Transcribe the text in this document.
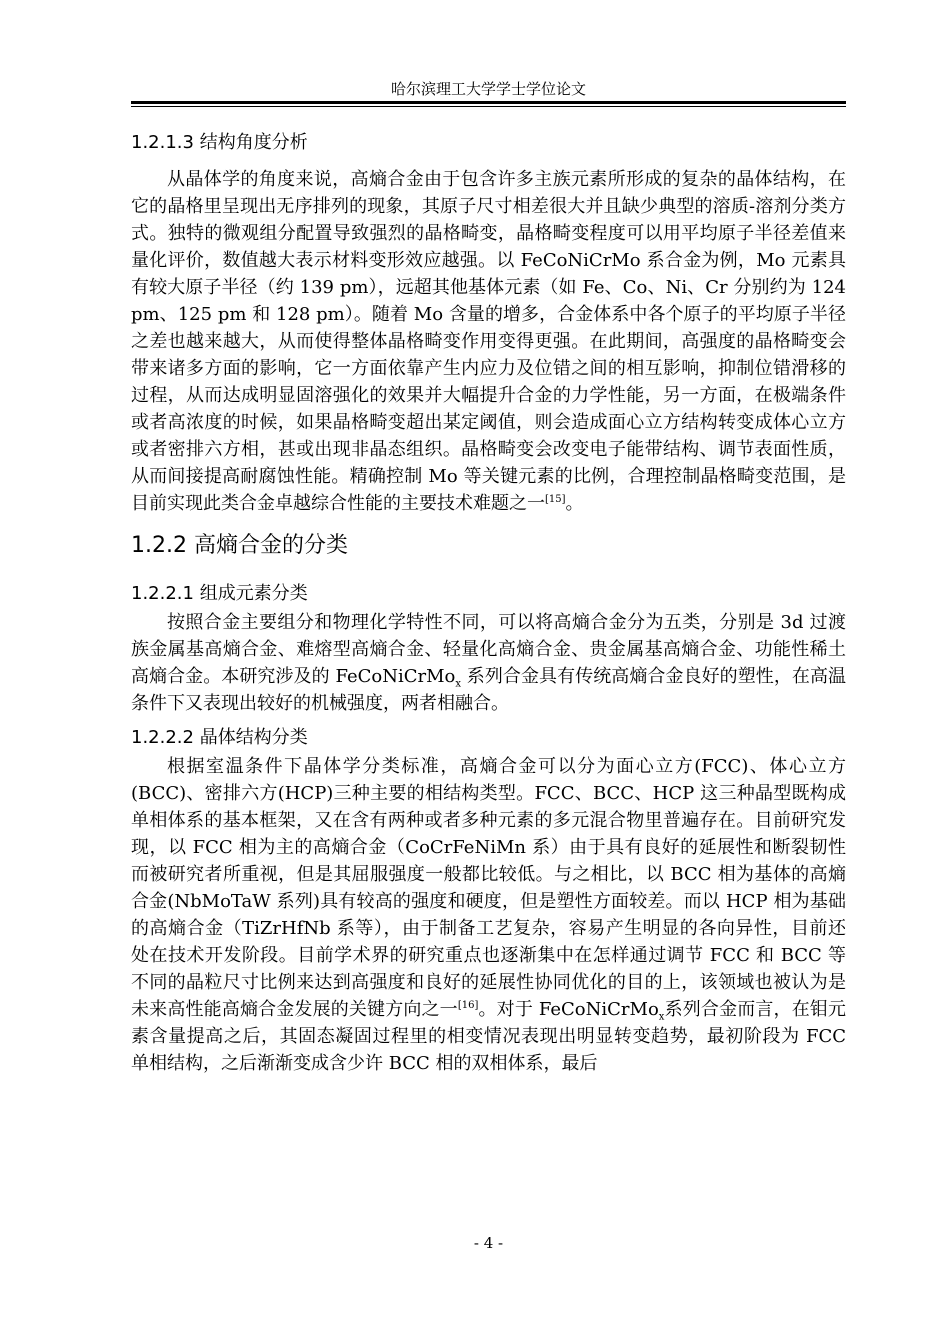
哈尔滨理工大学学士学位论文
1.2.1.3 结构角度分析

从晶体学的角度来说，高熵合金由于包含许多主族元素所形成的复杂的晶体结构，在它的晶格里呈现出无序排列的现象，其原子尺寸相差很大并且缺少典型的溶质-溶剂分类方式。独特的微观组分配置导致强烈的晶格畸变，晶格畸变程度可以用平均原子半径差值来量化评价，数值越大表示材料变形效应越强。以 FeCoNiCrMo 系合金为例，Mo 元素具有较大原子半径（约 139 pm），远超其他基体元素（如 Fe、Co、Ni、Cr 分别约为 124 pm、125 pm 和 128 pm）。随着 Mo 含量的增多，合金体系中各个原子的平均原子半径之差也越来越大，从而使得整体晶格畸变作用变得更强。在此期间，高强度的晶格畸变会带来诸多方面的影响，它一方面依靠产生内应力及位错之间的相互影响，抑制位错滑移的过程，从而达成明显固溶强化的效果并大幅提升合金的力学性能，另一方面，在极端条件或者高浓度的时候，如果晶格畸变超出某定阈值，则会造成面心立方结构转变成体心立方或者密排六方相，甚或出现非晶态组织。晶格畸变会改变电子能带结构、调节表面性质，从而间接提高耐腐蚀性能。精确控制 Mo 等关键元素的比例，合理控制晶格畸变范围，是目前实现此类合金卓越综合性能的主要技术难题之一[15]。

1.2.2 高熵合金的分类
1.2.2.1 组成元素分类

按照合金主要组分和物理化学特性不同，可以将高熵合金分为五类，分别是 3d 过渡族金属基高熵合金、难熔型高熵合金、轻量化高熵合金、贵金属基高熵合金、功能性稀土高熵合金。本研究涉及的 FeCoNiCrMo$_x$ 系列合金具有传统高熵合金良好的塑性，在高温条件下又表现出较好的机械强度，两者相融合。

1.2.2.2 晶体结构分类

根据室温条件下晶体学分类标准，高熵合金可以分为面心立方(FCC)、体心立方(BCC)、密排六方(HCP)三种主要的相结构类型。FCC、BCC、HCP 这三种晶型既构成单相体系的基本框架，又在含有两种或者多种元素的多元混合物里普遍存在。目前研究发现，以 FCC 相为主的高熵合金（CoCrFeNiMn 系）由于具有良好的延展性和断裂韧性而被研究者所重视，但是其屈服强度一般都比较低。与之相比，以 BCC 相为基体的高熵合金(NbMoTaW 系列)具有较高的强度和硬度，但是塑性方面较差。而以 HCP 相为基础的高熵合金（TiZrHfNb 系等），由于制备工艺复杂，容易产生明显的各向异性，目前还处在技术开发阶段。目前学术界的研究重点也逐渐集中在怎样通过调节 FCC 和 BCC 等不同的晶粒尺寸比例来达到高强度和良好的延展性协同优化的目的上，该领域也被认为是未来高性能高熵合金发展的关键方向之一[16]。对于 FeCoNiCrMo$_x$系列合金而言，在钼元素含量提高之后，其固态凝固过程里的相变情况表现出明显转变趋势，最初阶段为 FCC 单相结构，之后渐渐变成含少许 BCC 相的双相体系，最后

- 4 -
